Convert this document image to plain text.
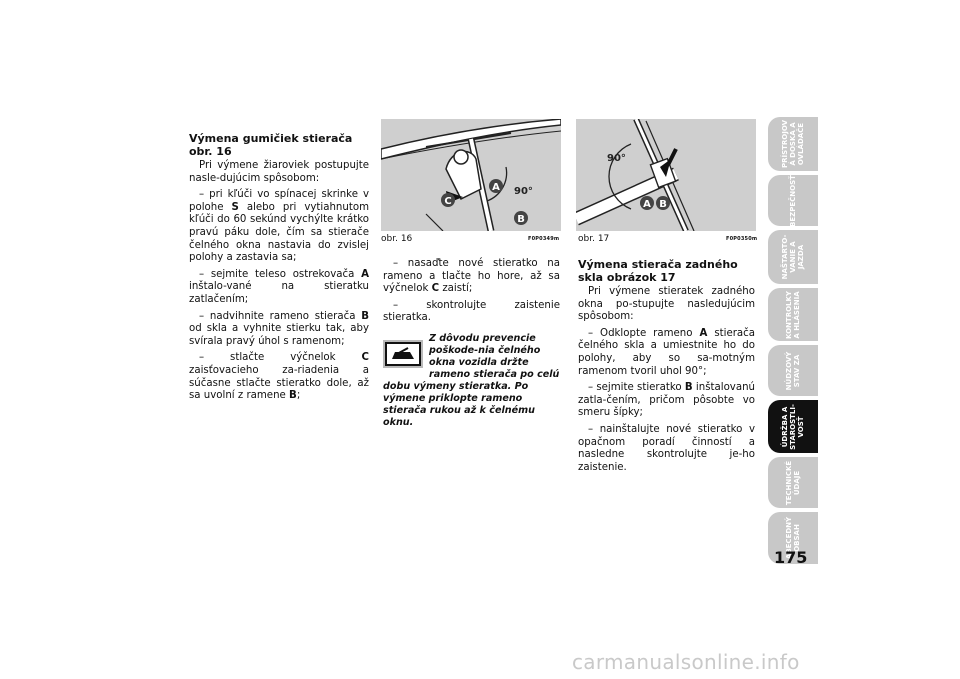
Výmena gumičiek stierača obr. 16

Pri výmene žiaroviek postupujte nasle-dujúcim spôsobom:

– pri kľúči vo spínacej skrinke v polohe S alebo pri vytiahnutom kľúči do 60 sekúnd vychýlte krátko pravú páku dole, čím sa stierače čelného okna nastavia do zvislej polohy a zastavia sa;

– sejmite teleso ostrekovača A inštalo-vané na stieratku zatlačením;

– nadvihnite rameno stierača B od skla a vyhnite stierku tak, aby svírala pravý úhol s ramenom;

– stlačte výčnelok C zaisťovacieho za-riadenia a súčasne stlačte stieratko dole, až sa uvolní z ramene B;

A
B
C
90°
obr. 16	F0P0349m

– nasaďte nové stieratko na rameno a tlačte ho hore, až sa výčnelok C zaistí;

– skontrolujte zaistenie stieratka.

Z dôvodu prevencie poškode-nia čelného okna vozidla držte rameno stierača po celú dobu výmeny stieratka. Po výmene priklopte rameno stierača rukou až k čelnému oknu.
A B
90°
obr. 17	F0P0350m

Výmena stierača zadného skla obrázok 17

Pri výmene stieratek zadného okna po-stupujte nasledujúcim spôsobom:

– Odklopte rameno A stierača čelného skla a umiestnite ho do polohy, aby so sa-motným ramenom tvoril uhol 90°;

– sejmite stieratko B inštalovanú zatla-čením, pričom pôsobte vo smeru šípky;

– nainštalujte nové stieratko v opačnom poradí činností a nasledne skontrolujte je-ho zaistenie.

PRÍSTROJOV
Á DOSKA A
OVLÁDAČE
BEZPEČNOSŤ
NAŠTARTO-
VANIE A
JAZDA
KONTROLKY
A HLÁSENIA
NÚDZOVÝ
STAV ZA
ÚDRŽBA A
STAROSTLI-
VOSŤ
TECHNICKÉ
ÚDAJE
ABECEDNÝ
OBSAH
175
carmanualsonline.info
